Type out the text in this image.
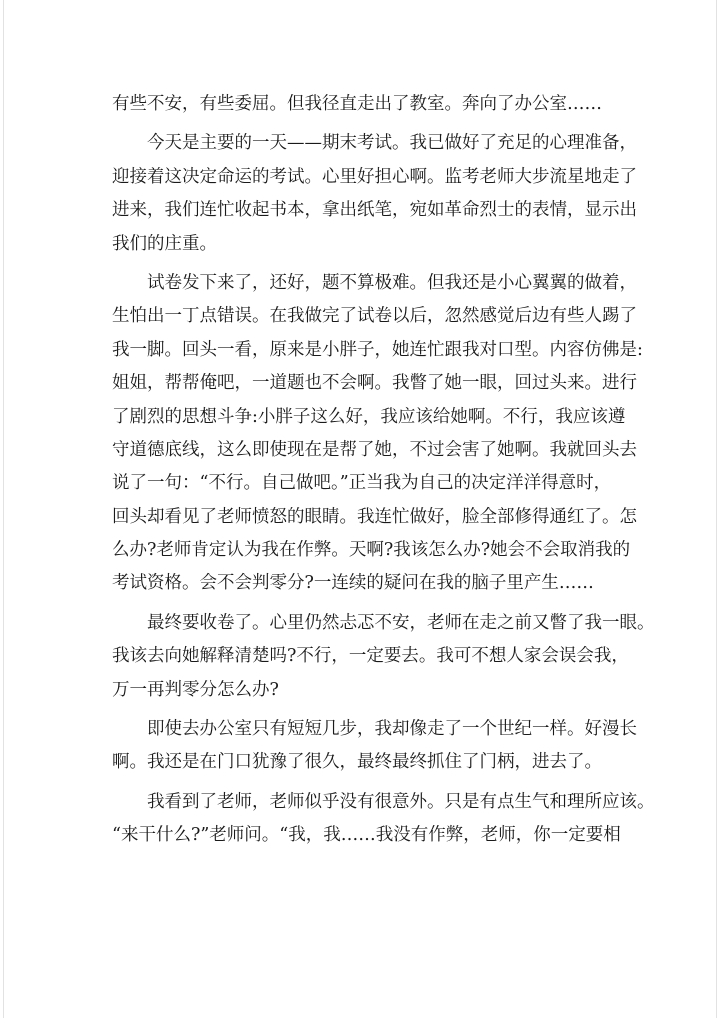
有些不安，有些委屈。但我径直走出了教室。奔向了办公室……
今天是主要的一天——期末考试。我已做好了充足的心理准备，
迎接着这决定命运的考试。心里好担心啊。监考老师大步流星地走了
进来，我们连忙收起书本，拿出纸笔，宛如革命烈士的表情，显示出
我们的庄重。
试卷发下来了，还好，题不算极难。但我还是小心翼翼的做着，
生怕出一丁点错误。在我做完了试卷以后，忽然感觉后边有些人踢了
我一脚。回头一看，原来是小胖子，她连忙跟我对口型。内容仿佛是:
姐姐，帮帮俺吧，一道题也不会啊。我瞥了她一眼，回过头来。进行
了剧烈的思想斗争:小胖子这么好，我应该给她啊。不行，我应该遵
守道德底线，这么即使现在是帮了她，不过会害了她啊。我就回头去
说了一句：“不行。自己做吧。”正当我为自己的决定洋洋得意时，
回头却看见了老师愤怒的眼睛。我连忙做好，脸全部修得通红了。怎
么办?老师肯定认为我在作弊。天啊?我该怎么办?她会不会取消我的
考试资格。会不会判零分?一连续的疑问在我的脑子里产生……
最终要收卷了。心里仍然忐忑不安，老师在走之前又瞥了我一眼。
我该去向她解释清楚吗?不行，一定要去。我可不想人家会误会我，
万一再判零分怎么办?
即使去办公室只有短短几步，我却像走了一个世纪一样。好漫长
啊。我还是在门口犹豫了很久，最终最终抓住了门柄，进去了。
我看到了老师，老师似乎没有很意外。只是有点生气和理所应该。
“来干什么?”老师问。“我，我……我没有作弊，老师，你一定要相
